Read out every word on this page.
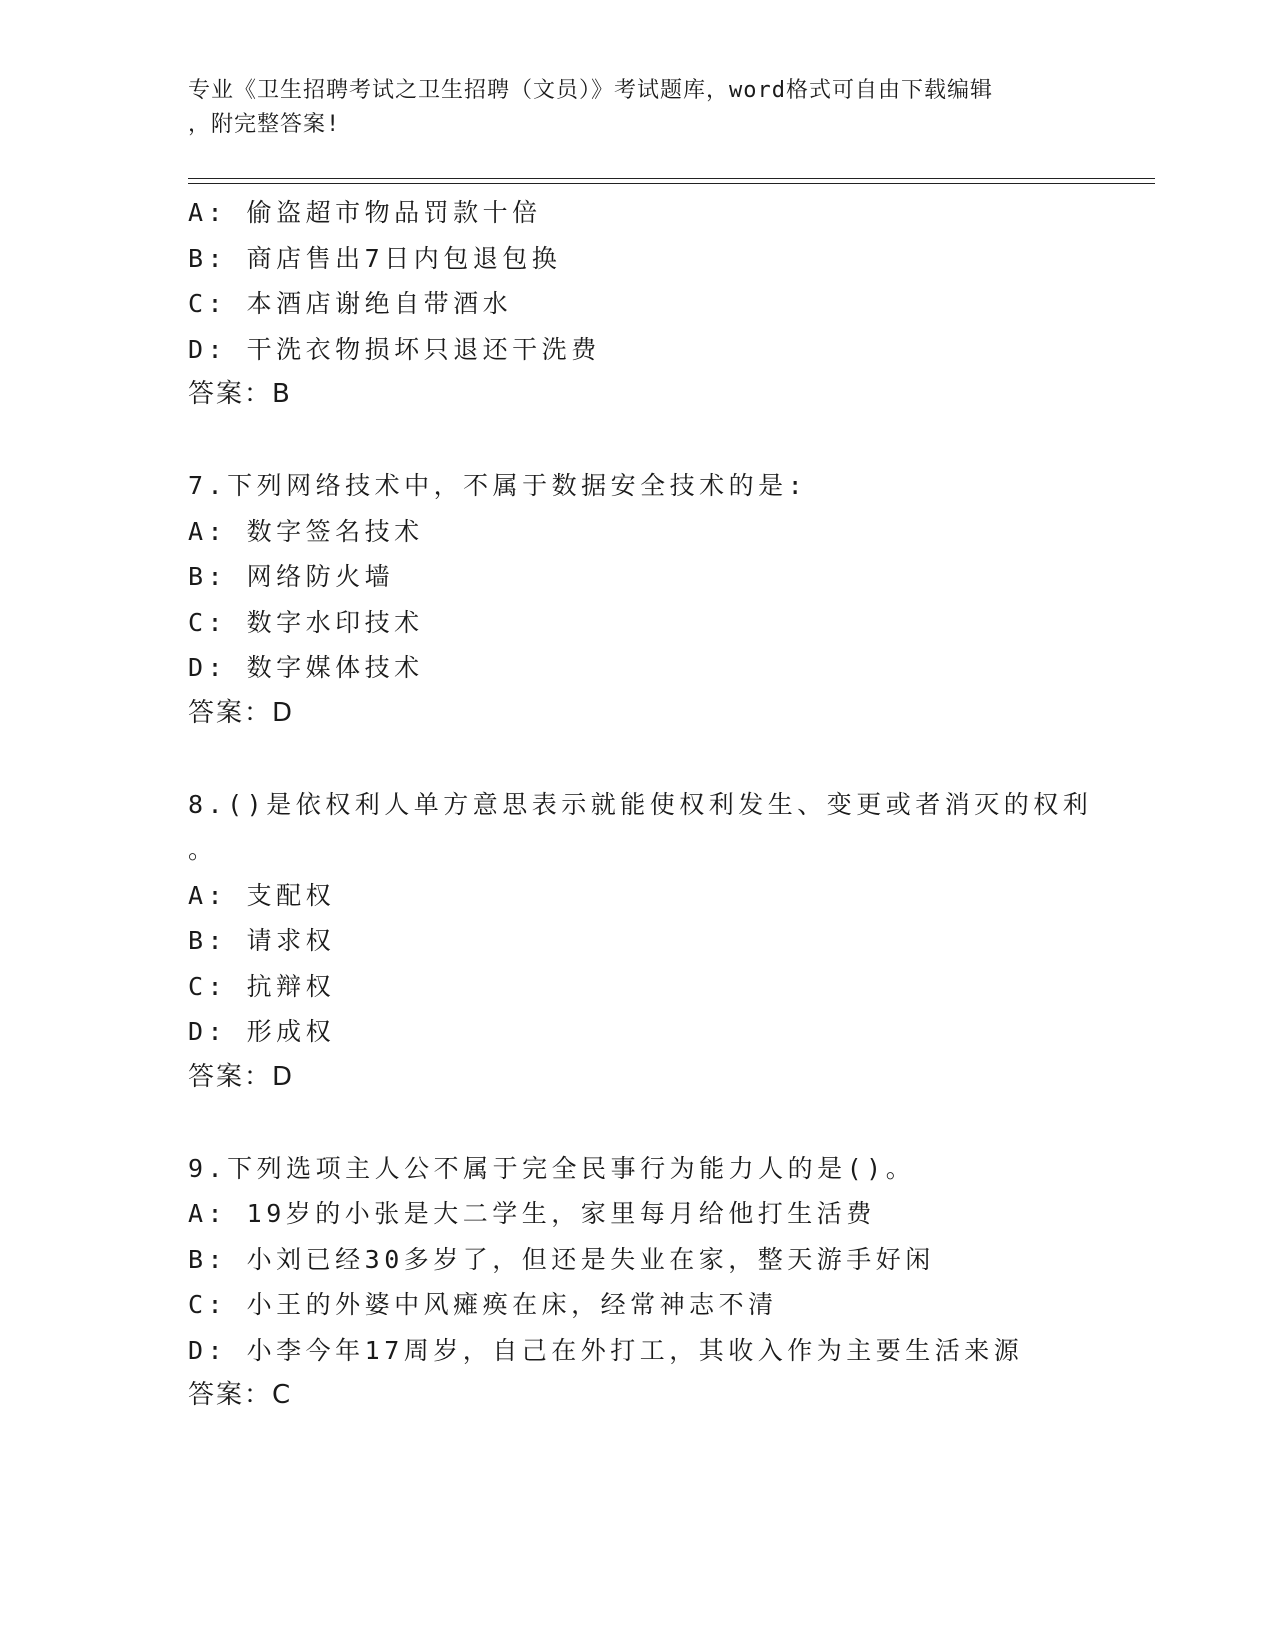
专业《卫生招聘考试之卫生招聘（文员）》考试题库，word格式可自由下载编辑
，附完整答案!
A: 偷盗超市物品罚款十倍
B: 商店售出7日内包退包换
C: 本酒店谢绝自带酒水
D: 干洗衣物损坏只退还干洗费
答案：B
7.下列网络技术中，不属于数据安全技术的是:
A: 数字签名技术
B: 网络防火墙
C: 数字水印技术
D: 数字媒体技术
答案：D
8.()是依权利人单方意思表示就能使权利发生、变更或者消灭的权利
。
A: 支配权
B: 请求权
C: 抗辩权
D: 形成权
答案：D
9.下列选项主人公不属于完全民事行为能力人的是()。
A: 19岁的小张是大二学生，家里每月给他打生活费
B: 小刘已经30多岁了，但还是失业在家，整天游手好闲
C: 小王的外婆中风瘫痪在床，经常神志不清
D: 小李今年17周岁，自己在外打工，其收入作为主要生活来源
答案：C
